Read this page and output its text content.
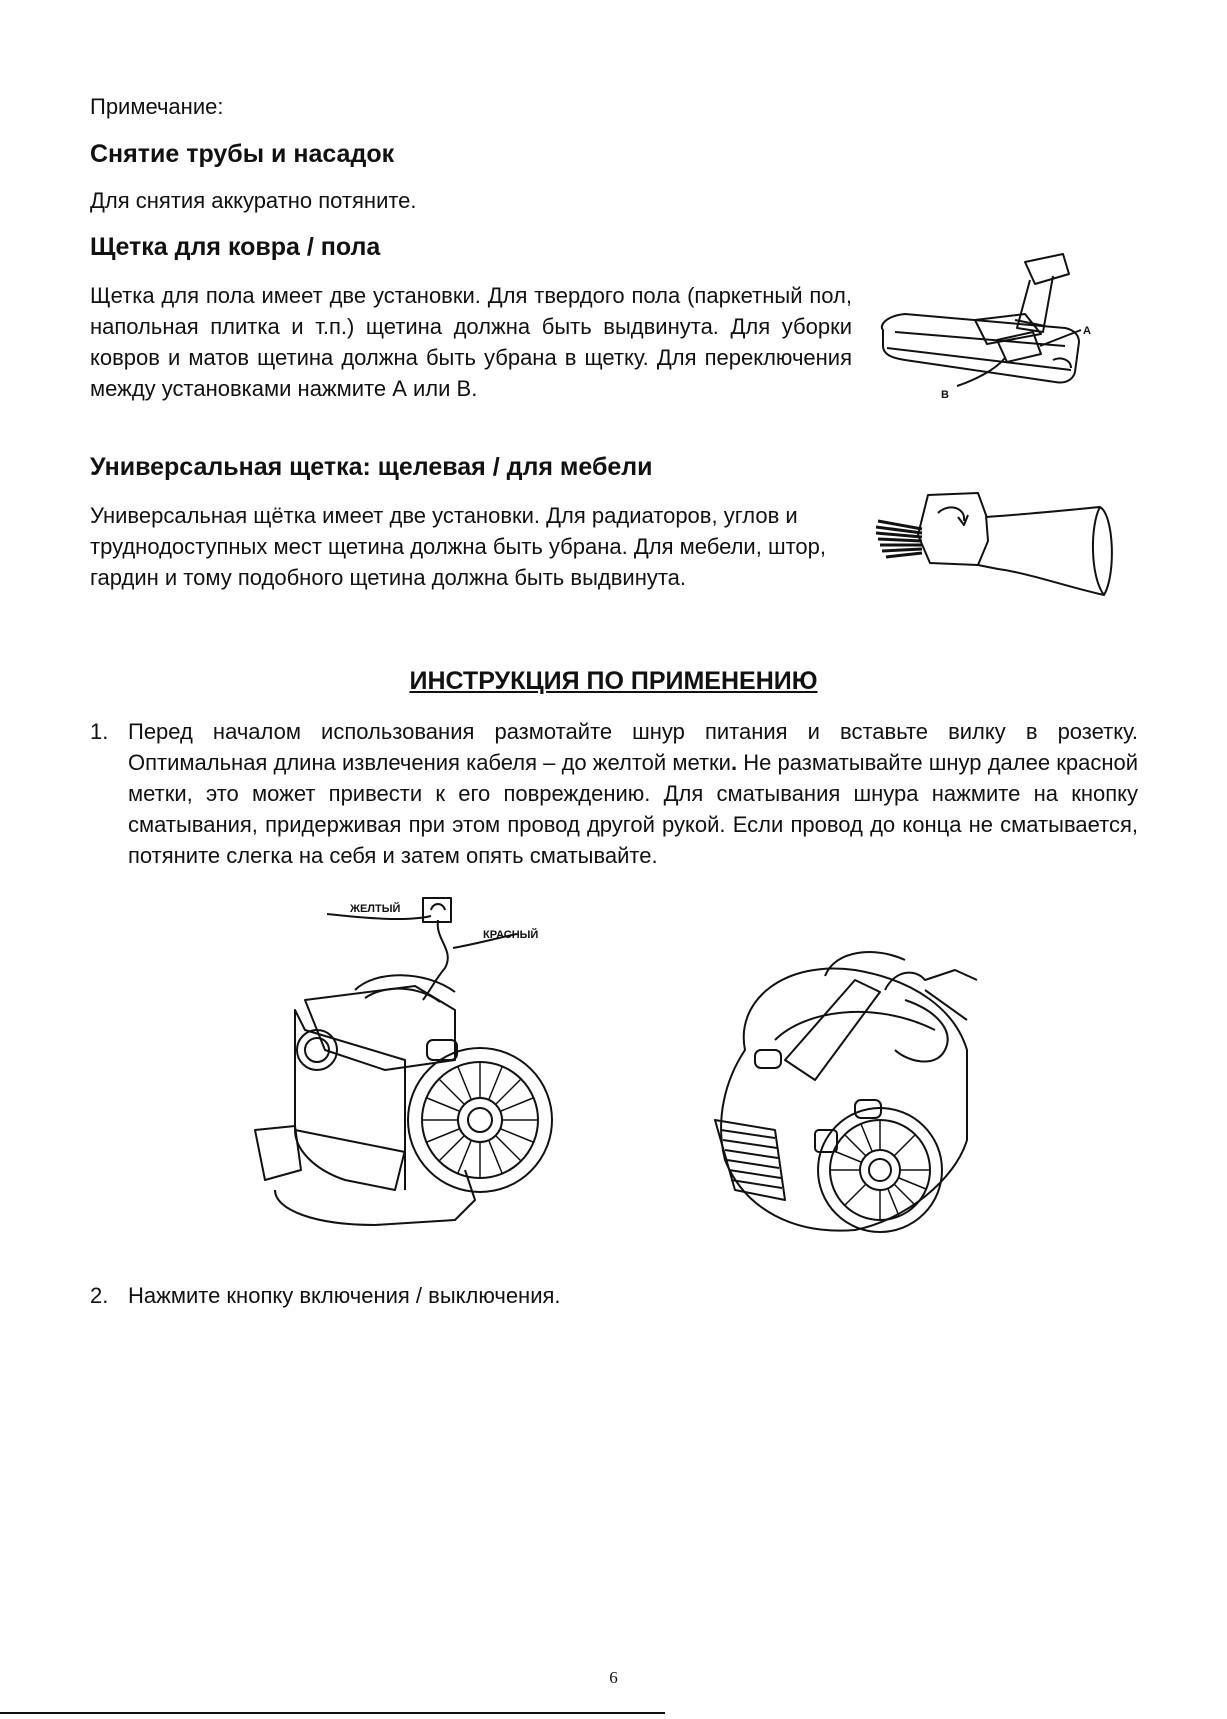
Примечание:
Снятие трубы и насадок
Для снятия аккуратно потяните.
Щетка для ковра / пола
Щетка для пола имеет две установки. Для твердого пола (паркетный пол, напольная плитка и т.п.) щетина должна быть выдвинута. Для уборки ковров и матов щетина должна быть убрана в щетку. Для переключения между установками нажмите А или В.
A
B
Универсальная щетка: щелевая / для мебели
Универсальная щётка имеет две установки. Для радиаторов, углов и труднодоступных мест щетина должна быть убрана. Для мебели, штор, гардин и тому подобного щетина должна быть выдвинута.
ИНСТРУКЦИЯ ПО ПРИМЕНЕНИЮ
1. Перед началом использования размотайте шнур питания и вставьте вилку в розетку. Оптимальная длина извлечения кабеля – до желтой метки. Не разматывайте шнур далее красной метки, это может привести к его повреждению. Для сматывания шнура нажмите на кнопку сматывания, придерживая при этом провод другой рукой. Если провод до конца не сматывается, потяните слегка на себя и затем опять сматывайте.
ЖЕЛТЫЙ
КРАСНЫЙ
2. Нажмите кнопку включения / выключения.
6
